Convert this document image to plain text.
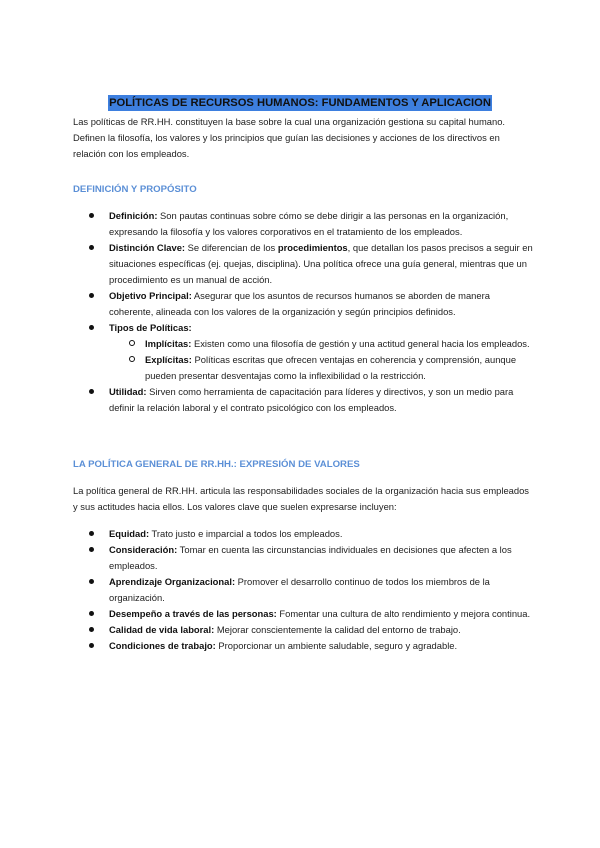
POLÍTICAS DE RECURSOS HUMANOS: FUNDAMENTOS Y APLICACION

Las políticas de RR.HH. constituyen la base sobre la cual una organización gestiona su capital humano. Definen la filosofía, los valores y los principios que guían las decisiones y acciones de los directivos en relación con los empleados.

DEFINICIÓN Y PROPÓSITO
Definición: Son pautas continuas sobre cómo se debe dirigir a las personas en la organización, expresando la filosofía y los valores corporativos en el tratamiento de los empleados.
Distinción Clave: Se diferencian de los procedimientos, que detallan los pasos precisos a seguir en situaciones específicas (ej. quejas, disciplina). Una política ofrece una guía general, mientras que un procedimiento es un manual de acción.
Objetivo Principal: Asegurar que los asuntos de recursos humanos se aborden de manera coherente, alineada con los valores de la organización y según principios definidos.
Tipos de Políticas:
Implícitas: Existen como una filosofía de gestión y una actitud general hacia los empleados.
Explícitas: Políticas escritas que ofrecen ventajas en coherencia y comprensión, aunque pueden presentar desventajas como la inflexibilidad o la restricción.
Utilidad: Sirven como herramienta de capacitación para líderes y directivos, y son un medio para definir la relación laboral y el contrato psicológico con los empleados.
LA POLÍTICA GENERAL DE RR.HH.: EXPRESIÓN DE VALORES

La política general de RR.HH. articula las responsabilidades sociales de la organización hacia sus empleados y sus actitudes hacia ellos. Los valores clave que suelen expresarse incluyen:

Equidad: Trato justo e imparcial a todos los empleados.
Consideración: Tomar en cuenta las circunstancias individuales en decisiones que afecten a los empleados.
Aprendizaje Organizacional: Promover el desarrollo continuo de todos los miembros de la organización.
Desempeño a través de las personas: Fomentar una cultura de alto rendimiento y mejora continua.
Calidad de vida laboral: Mejorar conscientemente la calidad del entorno de trabajo.
Condiciones de trabajo: Proporcionar un ambiente saludable, seguro y agradable.
